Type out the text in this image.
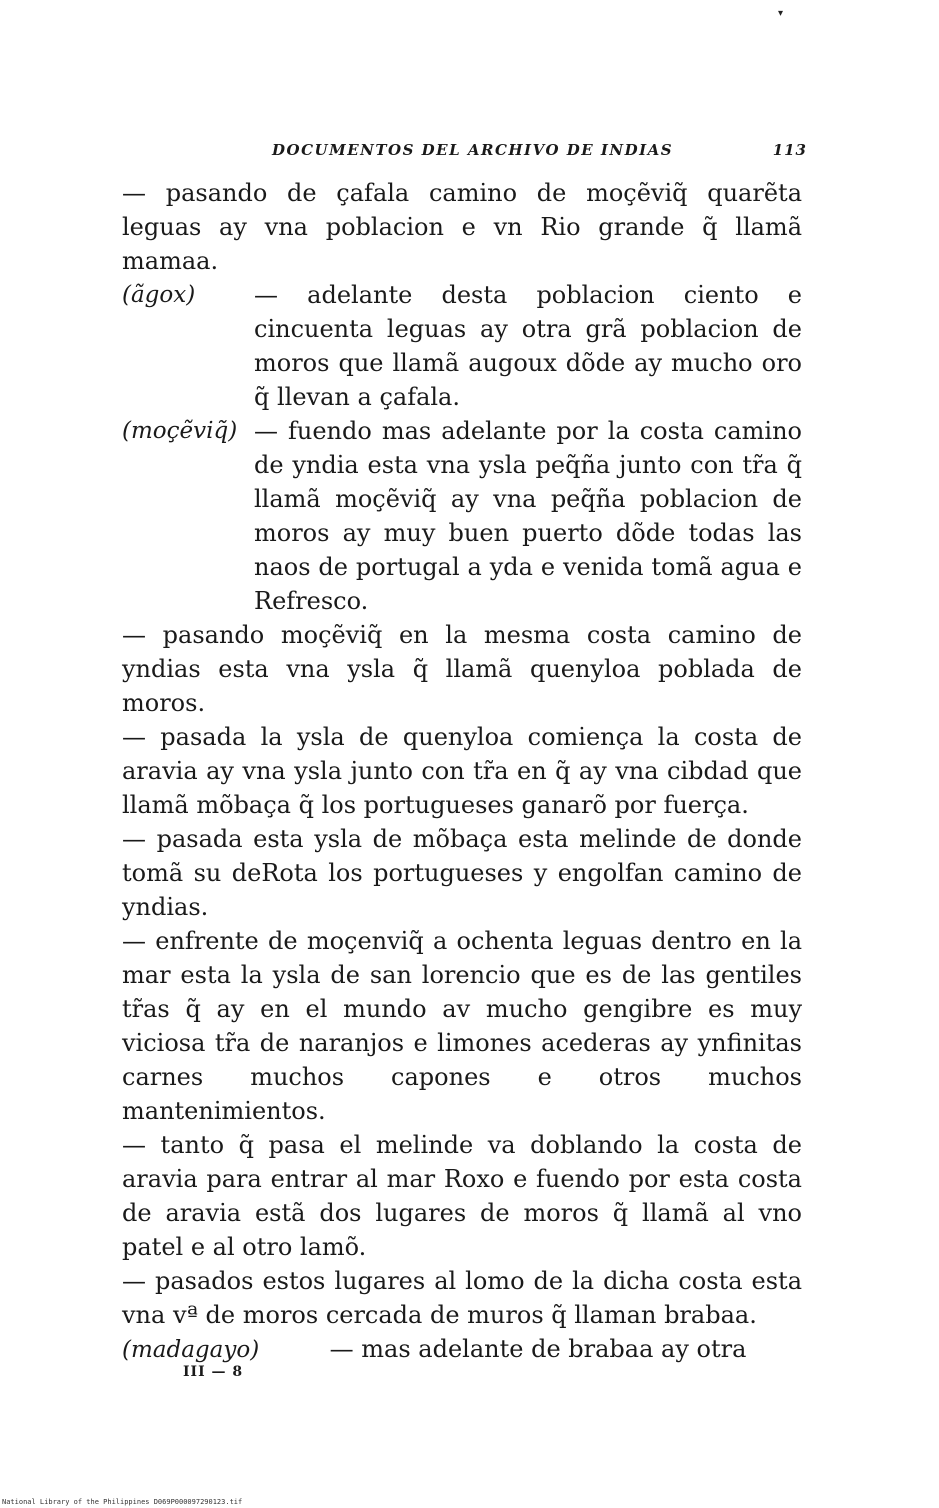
DOCUMENTOS DEL ARCHIVO DE INDIAS	113

— pasando de çafala camino de moçẽviq̃ quarẽta leguas ay vna poblacion e vn Rio grande q̃ llamã mamaa.

(ãgox)	— adelante desta poblacion ciento e cincuenta leguas ay otra grã poblacion de moros que llamã augoux dõde ay mucho oro q̃ llevan a çafala.

(moçẽviq̃) — fuendo mas adelante por la costa camino de yndia esta vna ysla peq̃ña junto con tr̃a q̃ llamã moçẽviq̃ ay vna peq̃ña poblacion de moros ay muy buen puerto dõde todas las naos de portugal a yda e venida tomã agua e Refresco.

— pasando moçẽviq̃ en la mesma costa camino de yndias esta vna ysla q̃ llamã quenyloa poblada de moros.

— pasada la ysla de quenyloa comiença la costa de aravia ay vna ysla junto con tr̃a en q̃ ay vna cibdad que llamã mõbaça q̃ los portugueses ganarõ por fuerça.

— pasada esta ysla de mõbaça esta melinde de donde tomã su deRota los portugueses y engolfan camino de yndias.

— enfrente de moçenviq̃ a ochenta leguas dentro en la mar esta la ysla de san lorencio que es de las gentiles tr̃as q̃ ay en el mundo av mucho gengibre es muy viciosa tr̃a de naranjos e limones acederas ay ynfinitas carnes muchos capones e otros muchos mantenimientos.

— tanto q̃ pasa el melinde va doblando la costa de aravia para entrar al mar Roxo e fuendo por esta costa de aravia estã dos lugares de moros q̃ llamã al vno patel e al otro lamõ.

— pasados estos lugares al lomo de la dicha costa esta vna vª de moros cercada de muros q̃ llaman brabaa.

(madagayo)	— mas adelante de brabaa ay otra

III — 8
▾
National Library of the Philippines D069P000097290123.tif
